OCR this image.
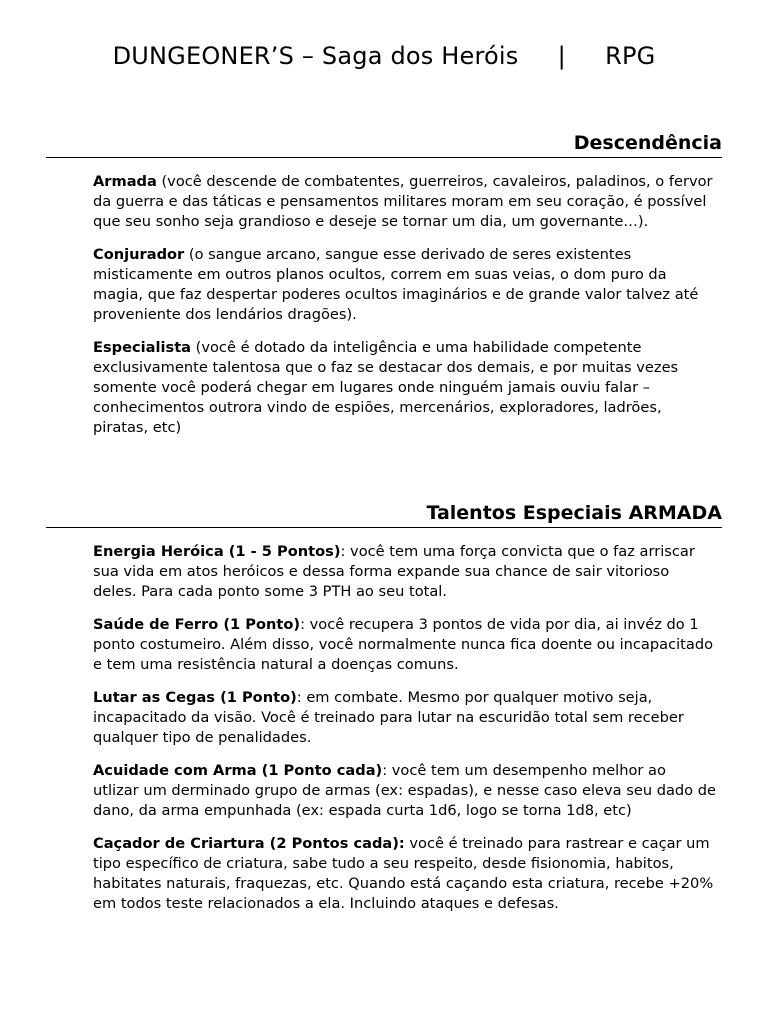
DUNGEONER’S – Saga dos Heróis     |     RPG
Descendência

Armada (você descende de combatentes, guerreiros, cavaleiros, paladinos, o fervor da guerra e das táticas e pensamentos militares moram em seu coração, é possível que seu sonho seja grandioso e deseje se tornar um dia, um governante…).

Conjurador (o sangue arcano, sangue esse derivado de seres existentes misticamente em outros planos ocultos, correm em suas veias, o dom puro da magia, que faz despertar poderes ocultos imaginários e de grande valor talvez até proveniente dos lendários dragões).

Especialista (você é dotado da inteligência e uma habilidade competente exclusivamente talentosa que o faz se destacar dos demais, e por muitas vezes somente você poderá chegar em lugares onde ninguém jamais ouviu falar – conhecimentos outrora vindo de espiões, mercenários, exploradores, ladrões, piratas, etc)

Talentos Especiais ARMADA

Energia Heróica (1 - 5 Pontos): você tem uma força convicta que o faz arriscar sua vida em atos heróicos e dessa forma expande sua chance de sair vitorioso deles. Para cada ponto some 3 PTH ao seu total.

Saúde de Ferro (1 Ponto): você recupera 3 pontos de vida por dia, ai invéz do 1 ponto costumeiro. Além disso, você normalmente nunca fica doente ou incapacitado e tem uma resistência natural a doenças comuns.

Lutar as Cegas (1 Ponto): em combate. Mesmo por qualquer motivo seja, incapacitado da visão. Você é treinado para lutar na escuridão total sem receber qualquer tipo de penalidades.

Acuidade com Arma (1 Ponto cada): você tem um desempenho melhor ao utlizar um derminado grupo de armas (ex: espadas), e nesse caso eleva seu dado de dano, da arma empunhada (ex: espada curta 1d6, logo se torna 1d8, etc)

Caçador de Criartura (2 Pontos cada): você é treinado para rastrear e caçar um tipo específico de criatura, sabe tudo a seu respeito, desde fisionomia, habitos, habitates naturais, fraquezas, etc. Quando está caçando esta criatura, recebe +20% em todos teste relacionados a ela. Incluindo ataques e defesas.
